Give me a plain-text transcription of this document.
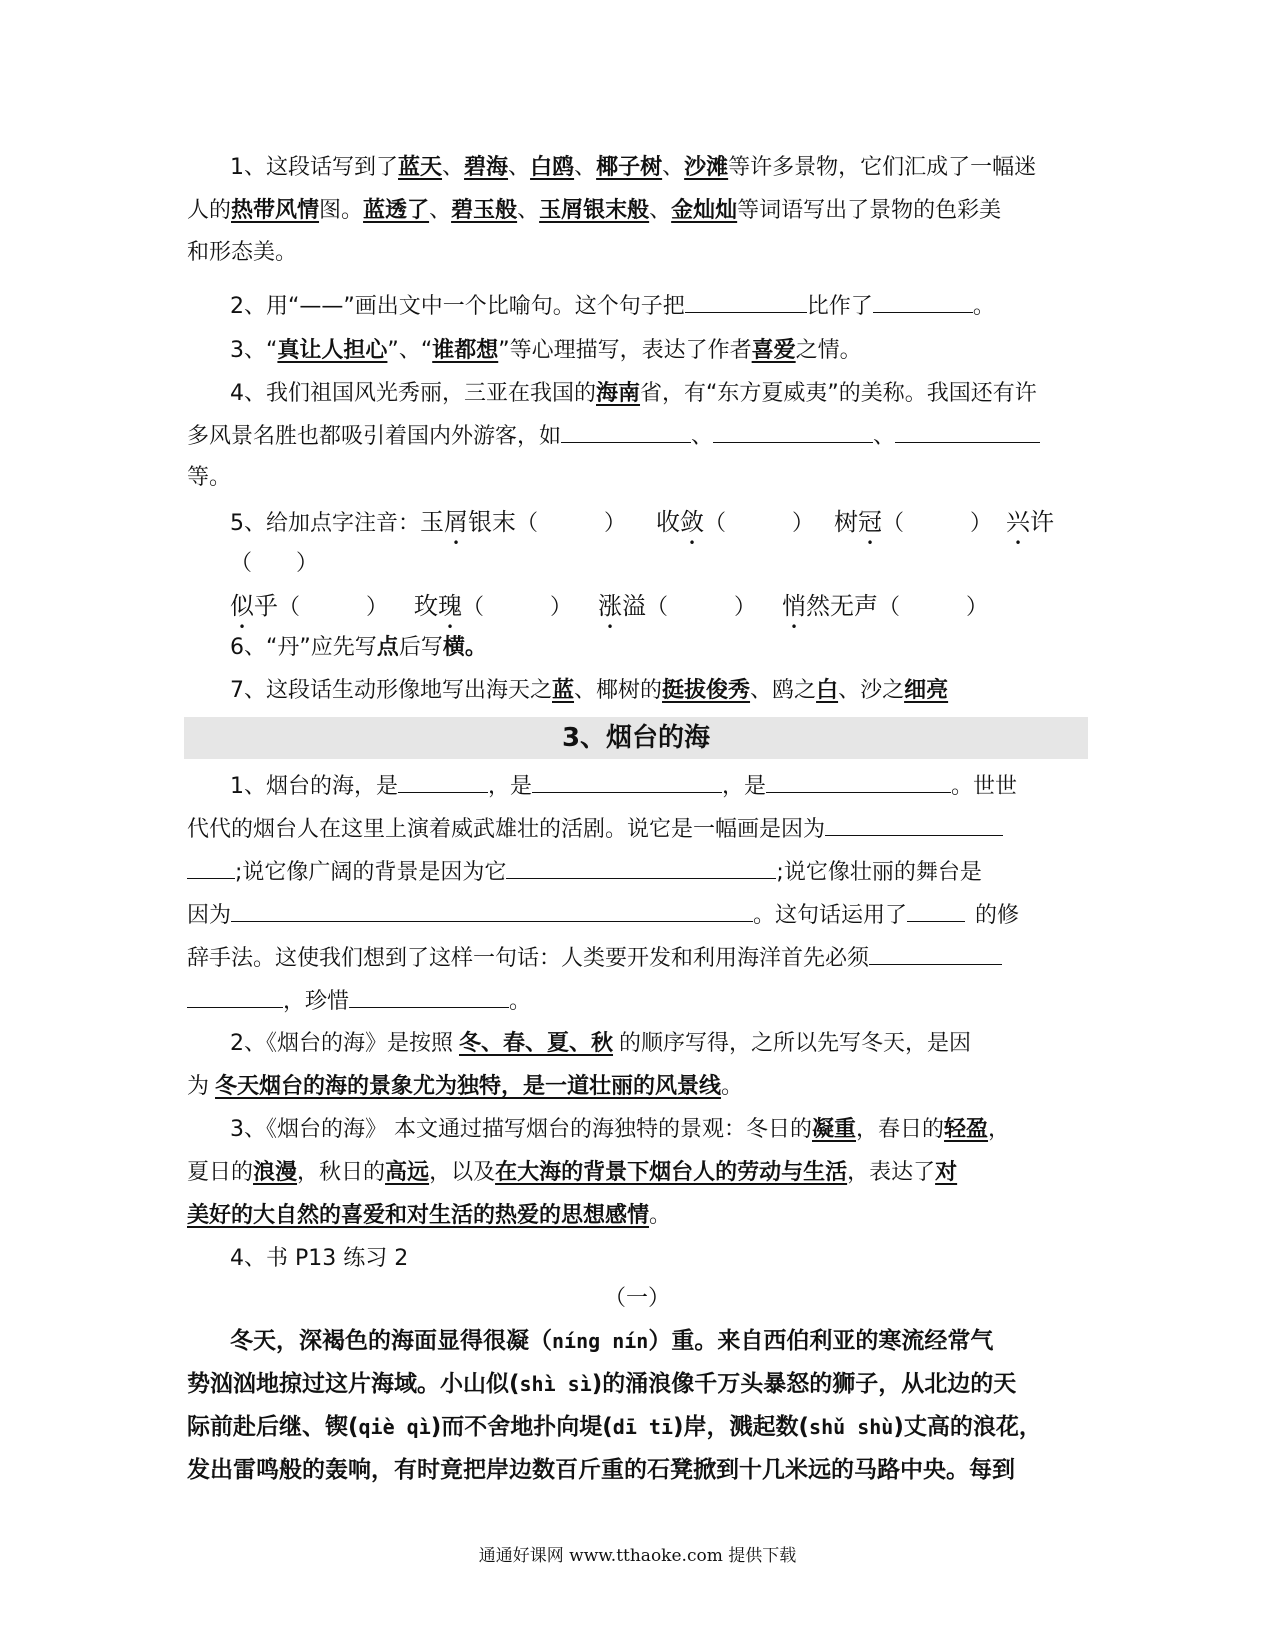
1、这段话写到了蓝天、碧海、白鸥、椰子树、沙滩等许多景物，它们汇成了一幅迷
人的热带风情图。蓝透了、碧玉般、玉屑银末般、金灿灿等词语写出了景物的色彩美
和形态美。
2、用“——”画出文中一个比喻句。这个句子把	比作了	。
3、“真让人担心”、“谁都想”等心理描写，表达了作者喜爱之情。
4、我们祖国风光秀丽，三亚在我国的海南省，有“东方夏威夷”的美称。我国还有许
多风景名胜也都吸引着国内外游客，如	、	、
等。
5、给加点字注音：玉屑银末（　　　） 收敛（　　　） 树冠（　　　） 兴许
（　　）
似乎（　　　） 玫瑰（　　　） 涨溢（　　　） 悄然无声（　　　）
6、“丹”应先写点后写横。
7、这段话生动形像地写出海天之蓝、椰树的挺拔俊秀、鸥之白、沙之细亮
3、烟台的海
1、烟台的海，是	，是	，是	。世世
代代的烟台人在这里上演着威武雄壮的活剧。说它是一幅画是因为
;说它像广阔的背景是因为它	;说它像壮丽的舞台是
因为	。这句话运用了	的修
辞手法。这使我们想到了这样一句话：人类要开发和利用海洋首先必须
，珍惜	。
2、《烟台的海》是按照 冬、春、夏、秋 的顺序写得，之所以先写冬天，是因
为 冬天烟台的海的景象尤为独特，是一道壮丽的风景线。
3、《烟台的海》 本文通过描写烟台的海独特的景观：冬日的凝重，春日的轻盈，
夏日的浪漫，秋日的高远，以及在大海的背景下烟台人的劳动与生活，表达了对
美好的大自然的喜爱和对生活的热爱的思想感情。
4、书 P13 练习 2
（一）
冬天，深褐色的海面显得很凝（níng nín）重。来自西伯利亚的寒流经常气
势汹汹地掠过这片海域。小山似(shì sì)的涌浪像千万头暴怒的狮子，从北边的天
际前赴后继、锲(qiè qì)而不舍地扑向堤(dī tī)岸，溅起数(shǔ shù)丈高的浪花，
发出雷鸣般的轰响，有时竟把岸边数百斤重的石凳掀到十几米远的马路中央。每到
通通好课网 www.tthaoke.com 提供下载
